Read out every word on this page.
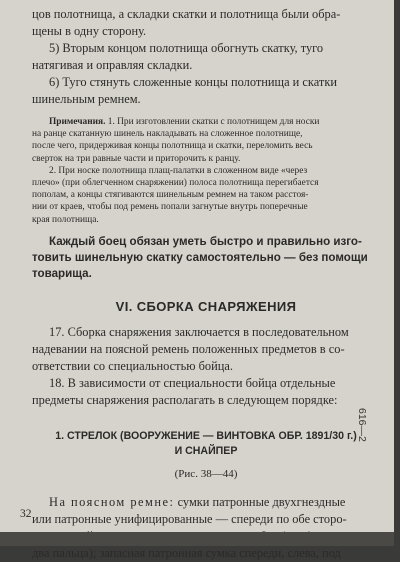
цов полотнища, а складки скатки и полотнища были обра-
щены в одну сторону.
5) Вторым концом полотнища обогнуть скатку, туго
натягивая и оправляя складки.
6) Туго стянуть сложенные концы полотнища и скатки
шинельным ремнем.
Примечания. 1. При изготовлении скатки с полотнищем для носки
на ранце скатанную шинель накладывать на сложенное полотнище,
после чего, придерживая концы полотнища и скатки, переломить весь
сверток на три равные части и приторочить к ранцу.
2. При носке полотнища плащ-палатки в сложенном виде «через
плечо» (при облегченном снаряжении) полоса полотнища перегибается
пополам, а концы стягиваются шинельным ремнем на таком расстоя-
нии от краев, чтобы под ремень попали загнутые внутрь поперечные
края полотнища.
Каждый боец обязан уметь быстро и правильно изго-
товить шинельную скатку самостоятельно — без помощи
товарища.
VI. СБОРКА СНАРЯЖЕНИЯ
17. Сборка снаряжения заключается в последовательном
надевании на поясной ремень положенных предметов в со-
ответствии со специальностью бойца.
18. В зависимости от специальности бойца отдельные
предметы снаряжения располагать в следующем порядке:
1. СТРЕЛОК (ВООРУЖЕНИЕ — ВИНТОВКА ОБР. 1891/30 г.)
И СНАЙПЕР
(Рис. 38—44)
На поясном ремне: сумки патронные двухгнездные
или патронные унифицированные — спереди по обе сторо-
два пальца); запасная патронная сумка спереди, слева, под
32
616—2
